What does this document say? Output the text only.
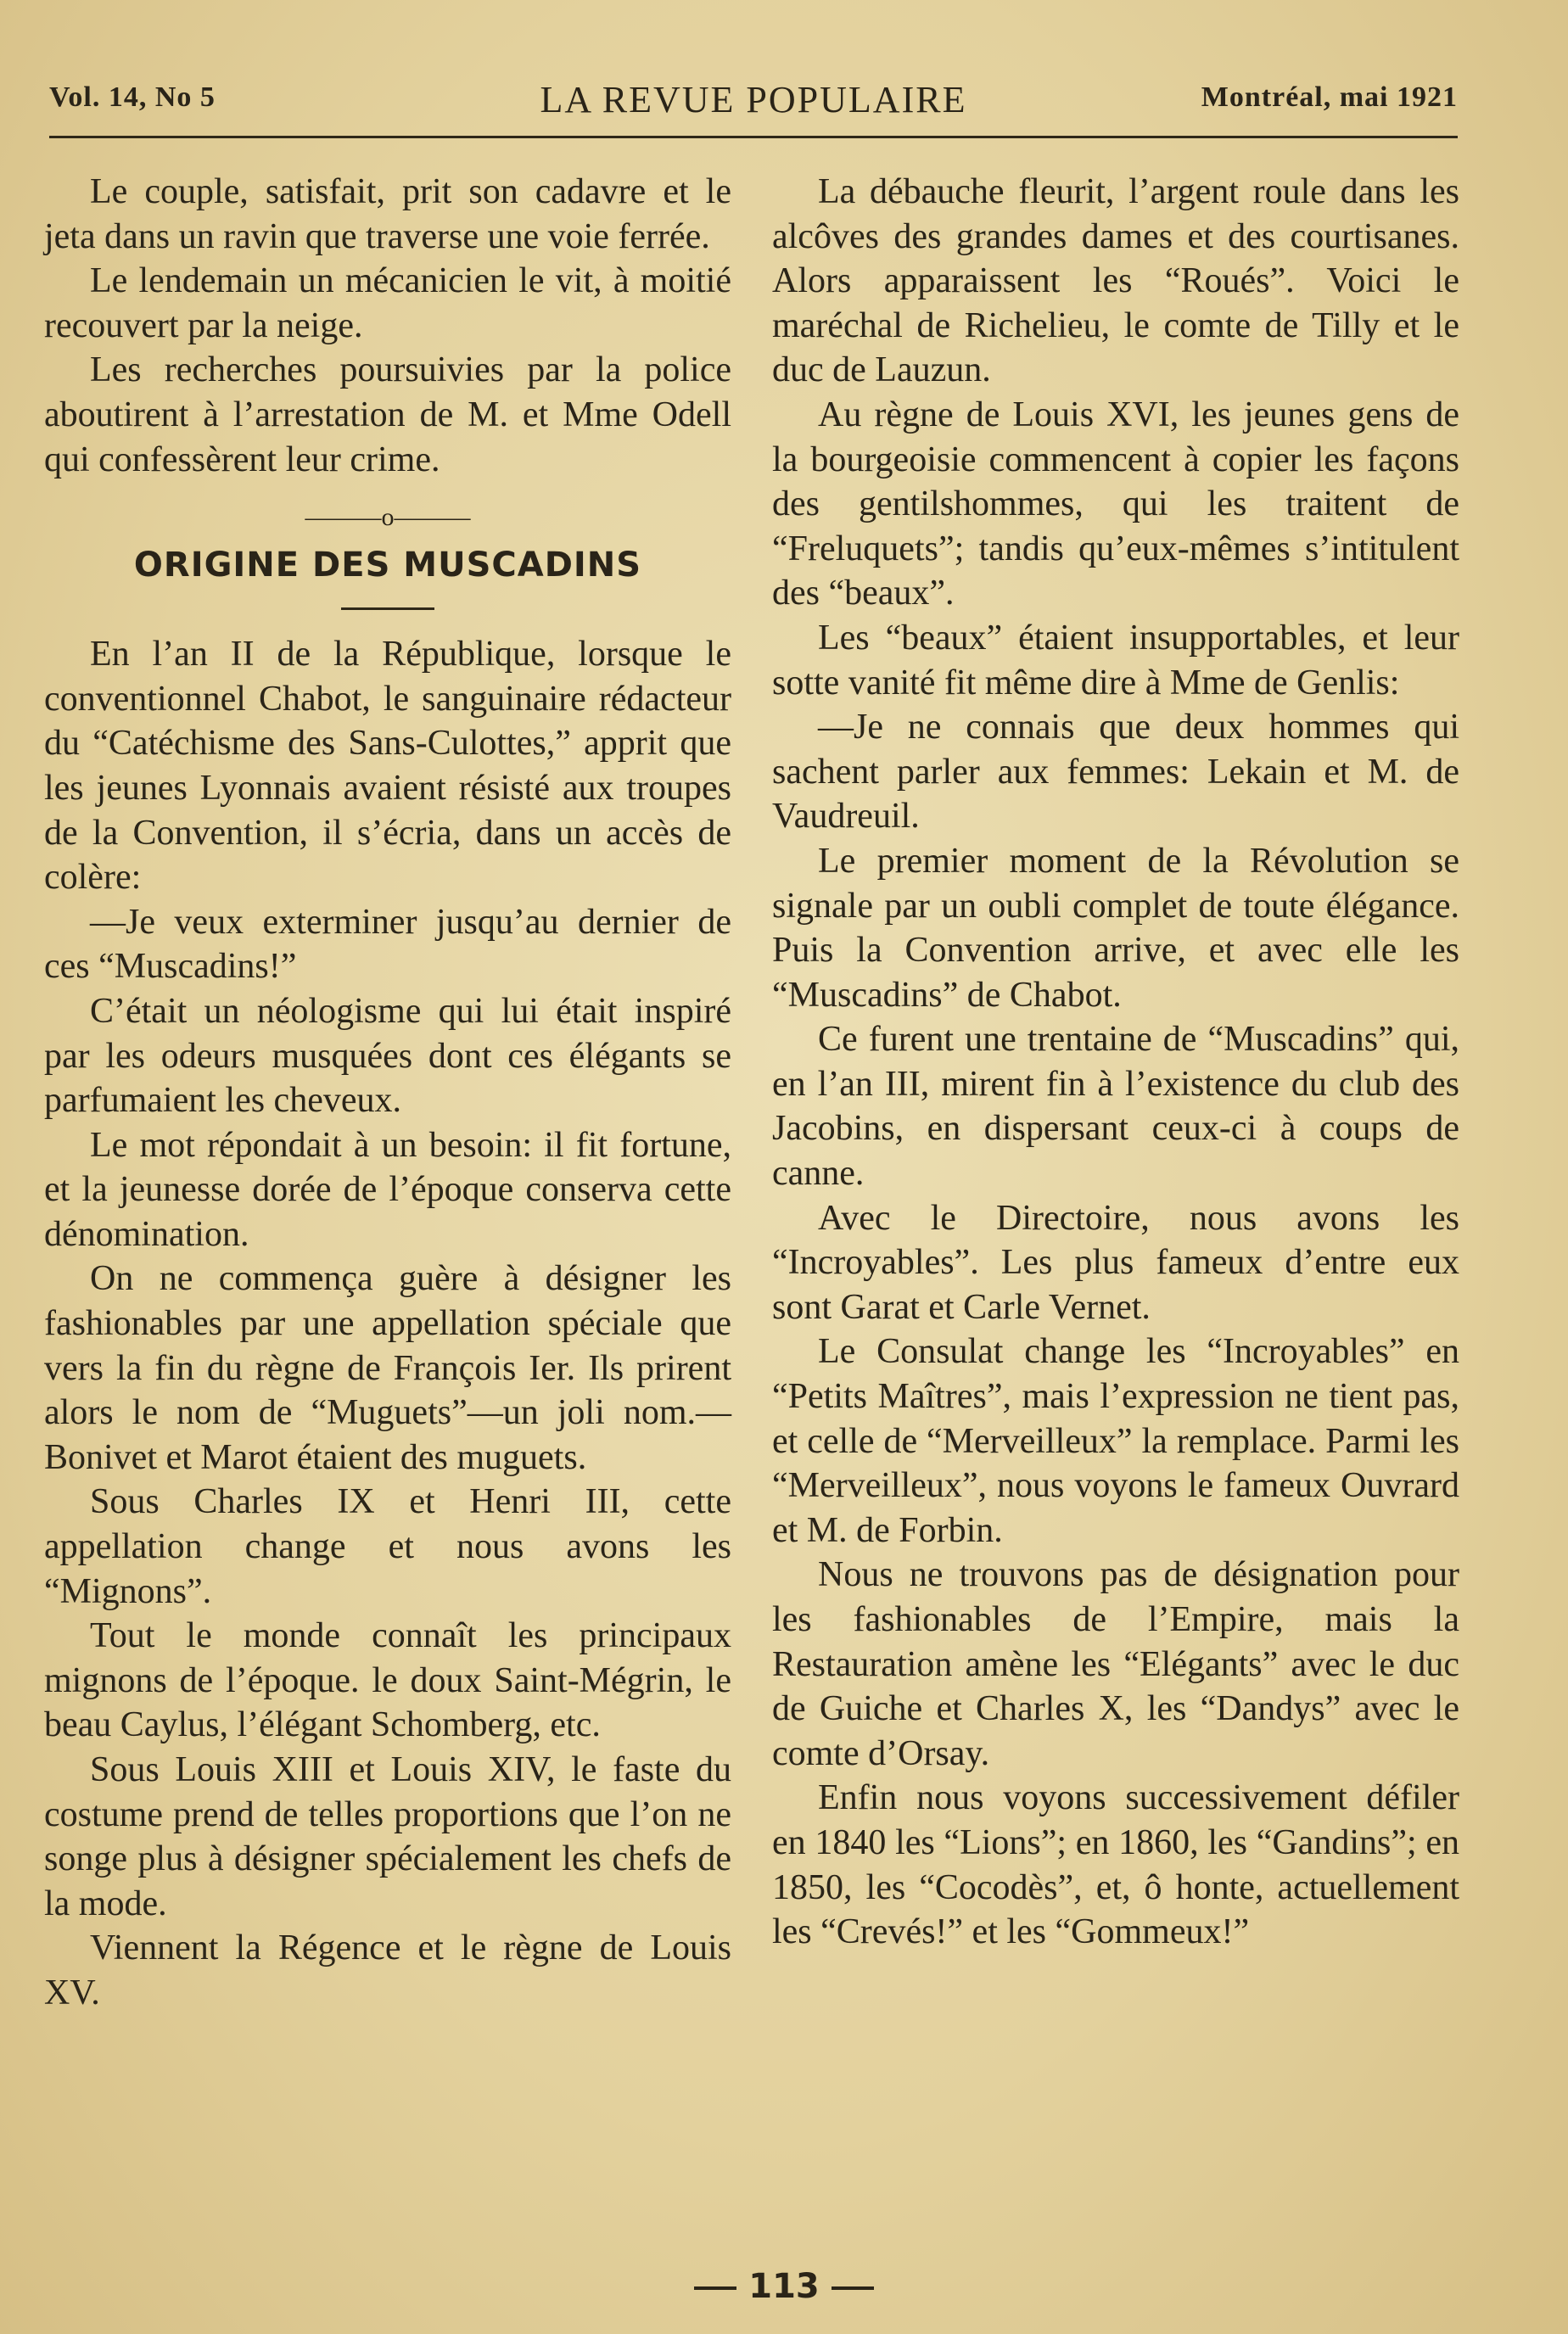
Vol. 14, No 5	LA REVUE POPULAIRE	Montréal, mai 1921

Le couple, satisfait, prit son cadavre et le jeta dans un ravin que traverse une voie ferrée.

Le lendemain un mécanicien le vit, à moitié recouvert par la neige.

Les recherches poursuivies par la police aboutirent à l’arrestation de M. et Mme Odell qui confessèrent leur crime.

———o———
ORIGINE DES MUSCADINS

En l’an II de la République, lorsque le conventionnel Chabot, le sanguinaire rédacteur du “Catéchisme des Sans-Culottes,” apprit que les jeunes Lyonnais avaient résisté aux troupes de la Convention, il s’écria, dans un accès de colère:

—Je veux exterminer jusqu’au dernier de ces “Muscadins!”

C’était un néologisme qui lui était inspiré par les odeurs musquées dont ces élégants se parfumaient les cheveux.

Le mot répondait à un besoin: il fit fortune, et la jeunesse dorée de l’époque conserva cette dénomination.

On ne commença guère à désigner les fashionables par une appellation spéciale que vers la fin du règne de François Ier. Ils prirent alors le nom de “Muguets”—un joli nom.—Bonivet et Marot étaient des muguets.

Sous Charles IX et Henri III, cette appellation change et nous avons les “Mignons”.

Tout le monde connaît les principaux mignons de l’époque. le doux Saint-Mégrin, le beau Caylus, l’élégant Schomberg, etc.

Sous Louis XIII et Louis XIV, le faste du costume prend de telles proportions que l’on ne songe plus à désigner spécialement les chefs de la mode.

Viennent la Régence et le règne de Louis XV.

La débauche fleurit, l’argent roule dans les alcôves des grandes dames et des courtisanes. Alors apparaissent les “Roués”. Voici le maréchal de Richelieu, le comte de Tilly et le duc de Lauzun.

Au règne de Louis XVI, les jeunes gens de la bourgeoisie commencent à copier les façons des gentilshommes, qui les traitent de “Freluquets”; tandis qu’eux-mêmes s’intitulent des “beaux”.

Les “beaux” étaient insupportables, et leur sotte vanité fit même dire à Mme de Genlis:

—Je ne connais que deux hommes qui sachent parler aux femmes: Lekain et M. de Vaudreuil.

Le premier moment de la Révolution se signale par un oubli complet de toute élégance. Puis la Convention arrive, et avec elle les “Muscadins” de Chabot.

Ce furent une trentaine de “Muscadins” qui, en l’an III, mirent fin à l’existence du club des Jacobins, en dispersant ceux-ci à coups de canne.

Avec le Directoire, nous avons les “Incroyables”. Les plus fameux d’entre eux sont Garat et Carle Vernet.

Le Consulat change les “Incroyables” en “Petits Maîtres”, mais l’expression ne tient pas, et celle de “Merveilleux” la remplace. Parmi les “Merveilleux”, nous voyons le fameux Ouvrard et M. de Forbin.

Nous ne trouvons pas de désignation pour les fashionables de l’Empire, mais la Restauration amène les “Elégants” avec le duc de Guiche et Charles X, les “Dandys” avec le comte d’Orsay.

Enfin nous voyons successivement défiler en 1840 les “Lions”; en 1860, les “Gandins”; en 1850, les “Cocodès”, et, ô honte, actuellement les “Crevés!” et les “Gommeux!”

113
